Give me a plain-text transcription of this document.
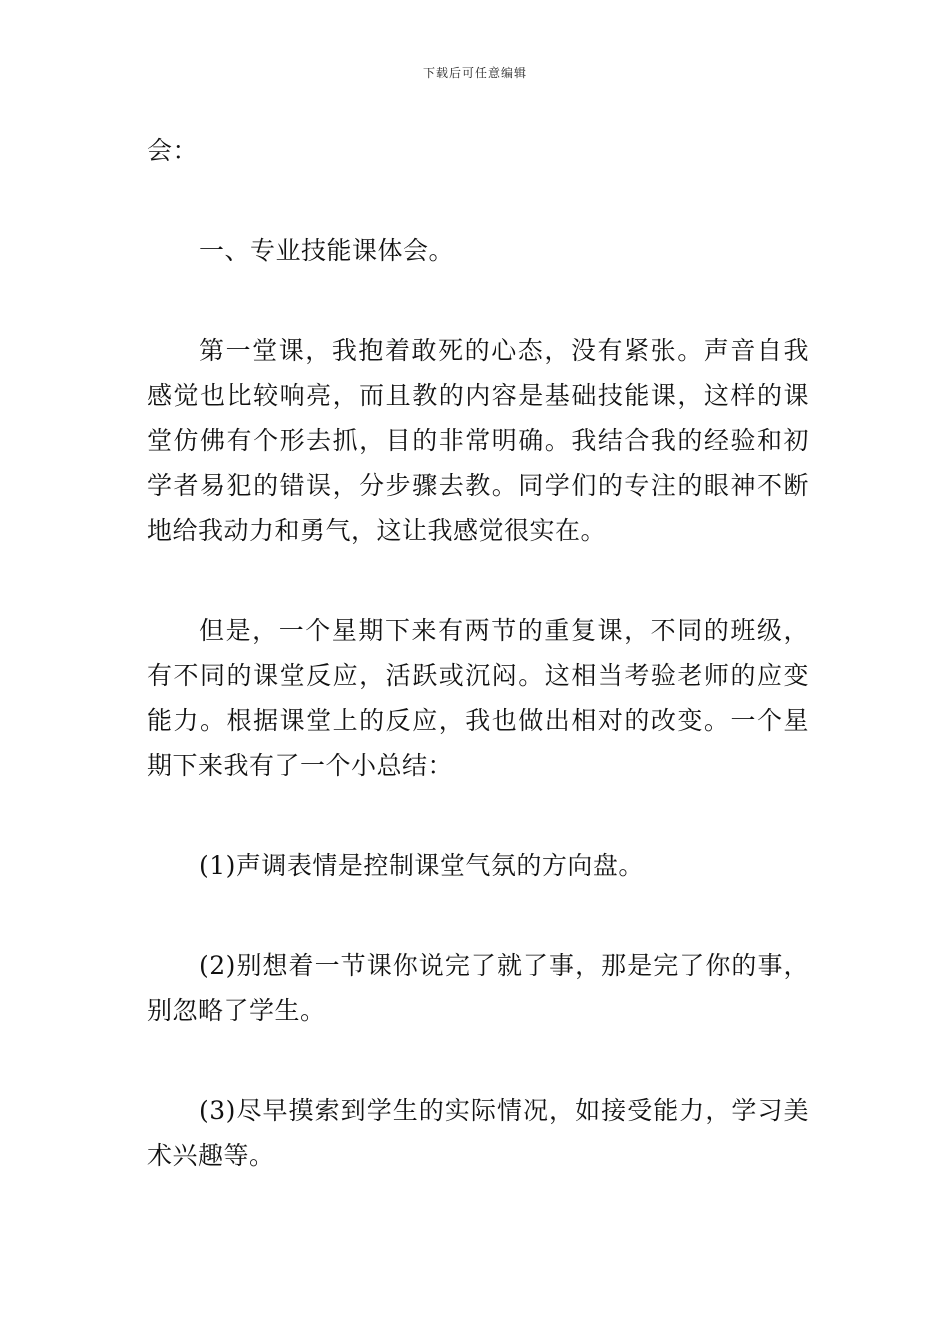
下载后可任意编辑

会：

一、专业技能课体会。

第一堂课，我抱着敢死的心态，没有紧张。声音自我感觉也比较响亮，而且教的内容是基础技能课，这样的课堂仿佛有个形去抓，目的非常明确。我结合我的经验和初学者易犯的错误，分步骤去教。同学们的专注的眼神不断地给我动力和勇气，这让我感觉很实在。

但是，一个星期下来有两节的重复课，不同的班级，有不同的课堂反应，活跃或沉闷。这相当考验老师的应变能力。根据课堂上的反应，我也做出相对的改变。一个星期下来我有了一个小总结：

(1)声调表情是控制课堂气氛的方向盘。

(2)别想着一节课你说完了就了事，那是完了你的事，别忽略了学生。

(3)尽早摸索到学生的实际情况，如接受能力，学习美术兴趣等。
